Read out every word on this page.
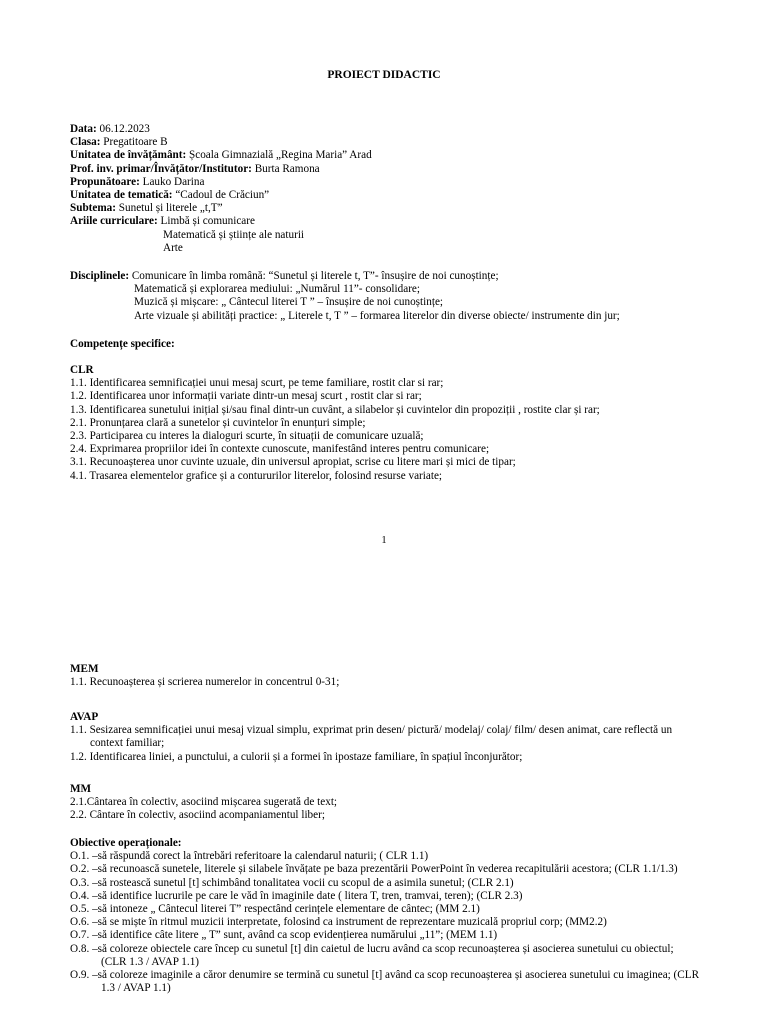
PROIECT DIDACTIC
Data: 06.12.2023
Clasa: Pregatitoare B
Unitatea de învățământ: Școala Gimnazială „Regina Maria” Arad
Prof. inv. primar/Învățător/Institutor: Burta Ramona
Propunătoare: Lauko Darina
Unitatea de tematică: “Cadoul de Crăciun”
Subtema: Sunetul și literele „t,T”
Ariile curriculare: Limbă și comunicare
Matematică și științe ale naturii
Arte
Disciplinele: Comunicare în limba română: “Sunetul și literele t, T”- însușire de noi cunoștințe;
Matematică și explorarea mediului: „Numărul 11”- consolidare;
Muzică și mișcare: „ Cântecul literei T ” – însușire de noi cunoștințe;
Arte vizuale și abilități practice: „ Literele t, T ” – formarea literelor din diverse obiecte/ instrumente din jur;
Competențe specifice:
CLR
1.1. Identificarea semnificației unui mesaj scurt, pe teme familiare, rostit clar si rar;
1.2. Identificarea unor informații variate dintr-un mesaj scurt , rostit clar si rar;
1.3. Identificarea sunetului inițial și/sau final dintr-un cuvânt, a silabelor și cuvintelor din propoziții , rostite clar și rar;
2.1. Pronunțarea clară a sunetelor și cuvintelor în enunțuri simple;
2.3. Participarea cu interes la dialoguri scurte, în situații de comunicare uzuală;
2.4. Exprimarea propriilor idei în contexte cunoscute, manifestând interes pentru comunicare;
3.1. Recunoașterea unor cuvinte uzuale, din universul apropiat, scrise cu litere mari și mici de tipar;
4.1. Trasarea elementelor grafice și a contururilor literelor, folosind resurse variate;
1
MEM
1.1. Recunoașterea și scrierea numerelor in concentrul 0-31;
AVAP
1.1. Sesizarea semnificației unui mesaj vizual simplu, exprimat prin desen/ pictură/ modelaj/ colaj/ film/ desen animat, care reflectă un context familiar;
1.2. Identificarea liniei, a punctului, a culorii și a formei în ipostaze familiare, în spațiul înconjurător;
MM
2.1.Cântarea în colectiv, asociind mișcarea sugerată de text;
2.2. Cântare în colectiv, asociind acompaniamentul liber;
Obiective operaționale:
O.1. –să răspundă corect la întrebări referitoare la calendarul naturii; ( CLR 1.1)
O.2. –să recunoască sunetele, literele și silabele învățate pe baza prezentării PowerPoint în vederea recapitulării acestora; (CLR 1.1/1.3)
O.3. –să rostească sunetul [t] schimbând tonalitatea vocii cu scopul de a asimila sunetul; (CLR 2.1)
O.4. –să identifice lucrurile pe care le văd în imaginile date ( litera T, tren, tramvai, teren); (CLR 2.3)
O.5. –să intoneze „ Cântecul literei T” respectând cerințele elementare de cântec; (MM 2.1)
O.6. –să se miște în ritmul muzicii interpretate, folosind ca instrument de reprezentare muzicală propriul corp; (MM2.2)
O.7. –să identifice câte litere „ T” sunt, având ca scop evidențierea numărului „11”; (MEM 1.1)
O.8. –să coloreze obiectele care încep cu sunetul [t] din caietul de lucru având ca scop recunoașterea și asocierea sunetului cu obiectul; (CLR 1.3 / AVAP 1.1)
O.9. –să coloreze imaginile a căror denumire se termină cu sunetul [t] având ca scop recunoașterea și asocierea sunetului cu imaginea; (CLR 1.3 / AVAP 1.1)
